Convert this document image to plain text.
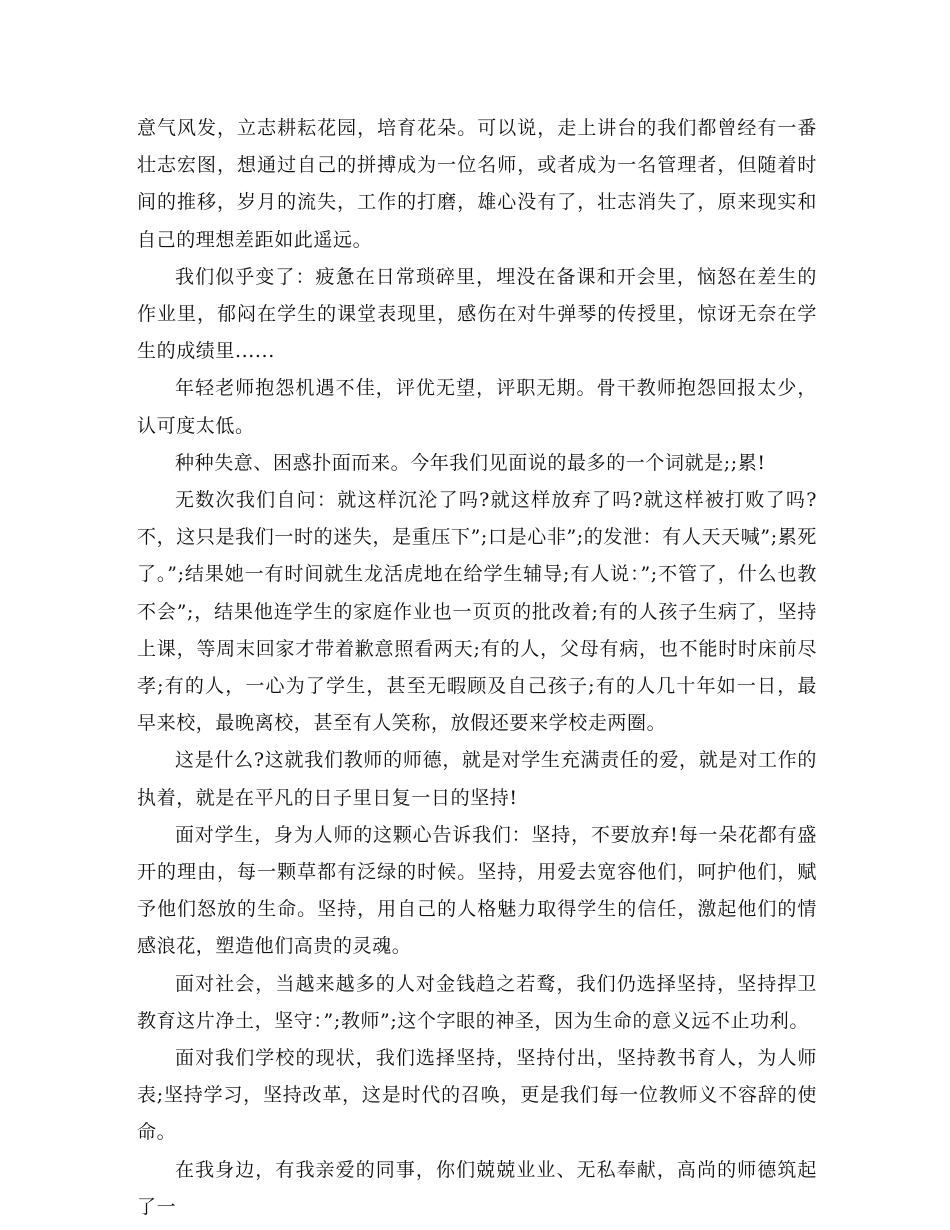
意气风发，立志耕耘花园，培育花朵。可以说，走上讲台的我们都曾经有一番壮志宏图，想通过自己的拼搏成为一位名师，或者成为一名管理者，但随着时间的推移，岁月的流失，工作的打磨，雄心没有了，壮志消失了，原来现实和自己的理想差距如此遥远。

我们似乎变了：疲惫在日常琐碎里，埋没在备课和开会里，恼怒在差生的作业里，郁闷在学生的课堂表现里，感伤在对牛弹琴的传授里，惊讶无奈在学生的成绩里......

年轻老师抱怨机遇不佳，评优无望，评职无期。骨干教师抱怨回报太少，认可度太低。

种种失意、困惑扑面而来。今年我们见面说的最多的一个词就是;;累!

无数次我们自问：就这样沉沦了吗?就这样放弃了吗?就这样被打败了吗?不，这只是我们一时的迷失，是重压下”;口是心非”;的发泄：有人天天喊”;累死了。”;结果她一有时间就生龙活虎地在给学生辅导;有人说：”;不管了，什么也教不会”;，结果他连学生的家庭作业也一页页的批改着;有的人孩子生病了，坚持上课，等周末回家才带着歉意照看两天;有的人，父母有病，也不能时时床前尽孝;有的人，一心为了学生，甚至无暇顾及自己孩子;有的人几十年如一日，最早来校，最晚离校，甚至有人笑称，放假还要来学校走两圈。

这是什么?这就我们教师的师德，就是对学生充满责任的爱，就是对工作的执着，就是在平凡的日子里日复一日的坚持!

面对学生，身为人师的这颗心告诉我们：坚持，不要放弃!每一朵花都有盛开的理由，每一颗草都有泛绿的时候。坚持，用爱去宽容他们，呵护他们，赋予他们怒放的生命。坚持，用自己的人格魅力取得学生的信任，激起他们的情感浪花，塑造他们高贵的灵魂。

面对社会，当越来越多的人对金钱趋之若鹜，我们仍选择坚持，坚持捍卫教育这片净土，坚守：”;教师”;这个字眼的神圣，因为生命的意义远不止功利。

面对我们学校的现状，我们选择坚持，坚持付出，坚持教书育人，为人师表;坚持学习，坚持改革，这是时代的召唤，更是我们每一位教师义不容辞的使命。

在我身边，有我亲爱的同事，你们兢兢业业、无私奉献，高尚的师德筑起了一
